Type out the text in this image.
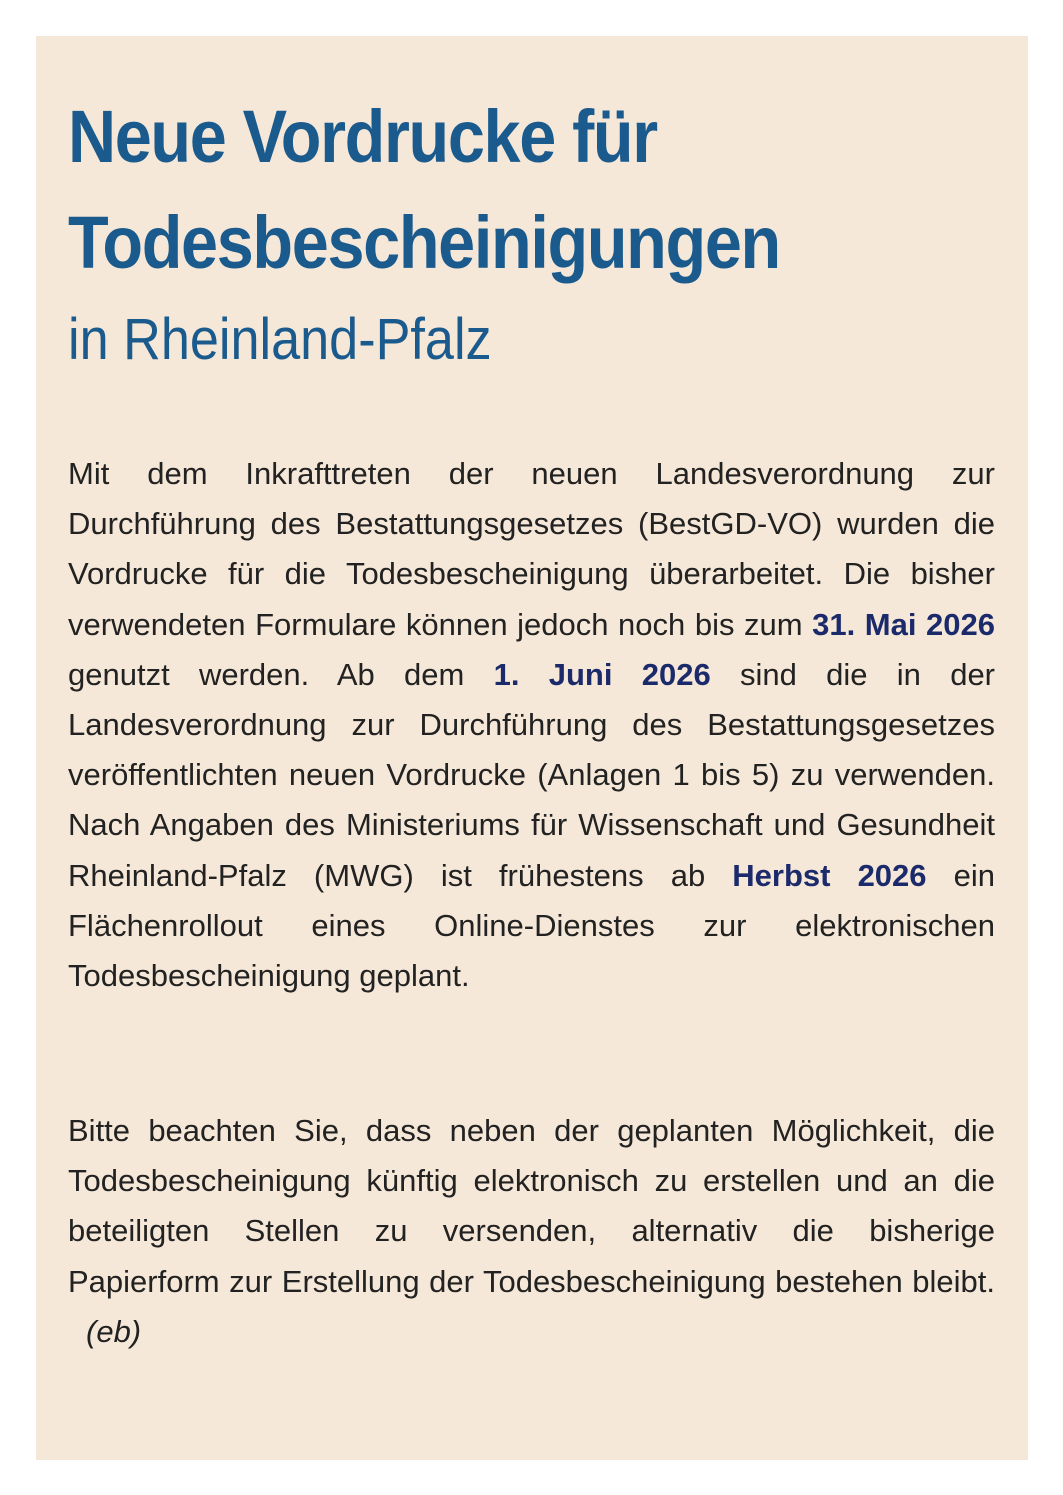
Neue Vordrucke für
Todesbescheinigungen
in Rheinland-Pfalz

Mit dem Inkrafttreten der neuen Landesverordnung zur Durchführung des Bestattungsgesetzes (BestGD-VO) wurden die Vordrucke für die Todesbescheinigung überarbeitet. Die bisher verwendeten Formulare können jedoch noch bis zum 31. Mai 2026 genutzt werden. Ab dem 1. Juni 2026 sind die in der Landesverordnung zur Durchführung des Bestattungsgesetzes veröffentlichten neuen Vordrucke (Anlagen 1 bis 5) zu verwenden. Nach Angaben des Ministeriums für Wissenschaft und Gesundheit Rheinland-Pfalz (MWG) ist frühestens ab Herbst 2026 ein Flächenrollout eines Online-Dienstes zur elektronischen Todesbescheinigung geplant.

Bitte beachten Sie, dass neben der geplanten Möglichkeit, die Todesbescheinigung künftig elektronisch zu erstellen und an die beteiligten Stellen zu versenden, alternativ die bisherige Papierform zur Erstellung der Todesbescheinigung bestehen bleibt.(eb)
